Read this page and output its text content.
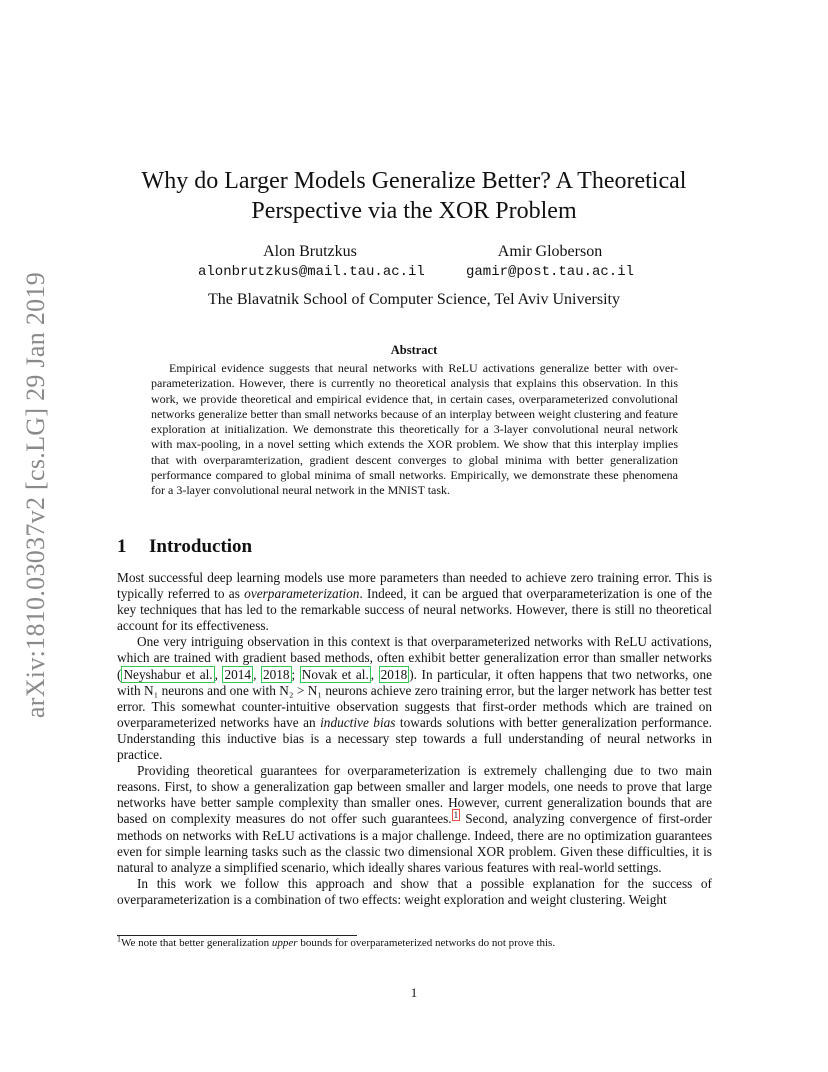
arXiv:1810.03037v2 [cs.LG] 29 Jan 2019
Why do Larger Models Generalize Better? A Theoretical
Perspective via the XOR Problem
Alon Brutzkus
alonbrutzkus@mail.tau.ac.il
Amir Globerson
gamir@post.tau.ac.il
The Blavatnik School of Computer Science, Tel Aviv University
Abstract

Empirical evidence suggests that neural networks with ReLU activations generalize better with over-parameterization. However, there is currently no theoretical analysis that explains this observation. In this work, we provide theoretical and empirical evidence that, in certain cases, overparameterized convolutional networks generalize better than small networks because of an interplay between weight clustering and feature exploration at initialization. We demonstrate this theoretically for a 3-layer convolutional neural network with max-pooling, in a novel setting which extends the XOR problem. We show that this interplay implies that with overparamterization, gradient descent converges to global minima with better generalization performance compared to global minima of small networks. Empirically, we demonstrate these phenomena for a 3-layer convolutional neural network in the MNIST task.

1 Introduction

Most successful deep learning models use more parameters than needed to achieve zero training error. This is typically referred to as overparameterization. Indeed, it can be argued that overparameterization is one of the key techniques that has led to the remarkable success of neural networks. However, there is still no theoretical account for its effectiveness.

One very intriguing observation in this context is that overparameterized networks with ReLU activations, which are trained with gradient based methods, often exhibit better generalization error than smaller networks ( Neyshabur et al. , 2014 , 2018 ; Novak et al. , 2018 ). In particular, it often happens that two networks, one with N₁ neurons and one with N₂ > N₁ neurons achieve zero training error, but the larger network has better test error. This somewhat counter-intuitive observation suggests that first-order methods which are trained on overparameterized networks have an inductive bias towards solutions with better generalization performance. Understanding this inductive bias is a necessary step towards a full understanding of neural networks in practice.

Providing theoretical guarantees for overparameterization is extremely challenging due to two main reasons. First, to show a generalization gap between smaller and larger models, one needs to prove that large networks have better sample complexity than smaller ones. However, current generalization bounds that are based on complexity measures do not offer such guarantees. $^1$ Second, analyzing convergence of first-order methods on networks with ReLU activations is a major challenge. Indeed, there are no optimization guarantees even for simple learning tasks such as the classic two dimensional XOR problem. Given these difficulties, it is natural to analyze a simplified scenario, which ideally shares various features with real-world settings.

In this work we follow this approach and show that a possible explanation for the success of overparameterization is a combination of two effects: weight exploration and weight clustering. Weight

$^1$We note that better generalization upper bounds for overparameterized networks do not prove this.
1
